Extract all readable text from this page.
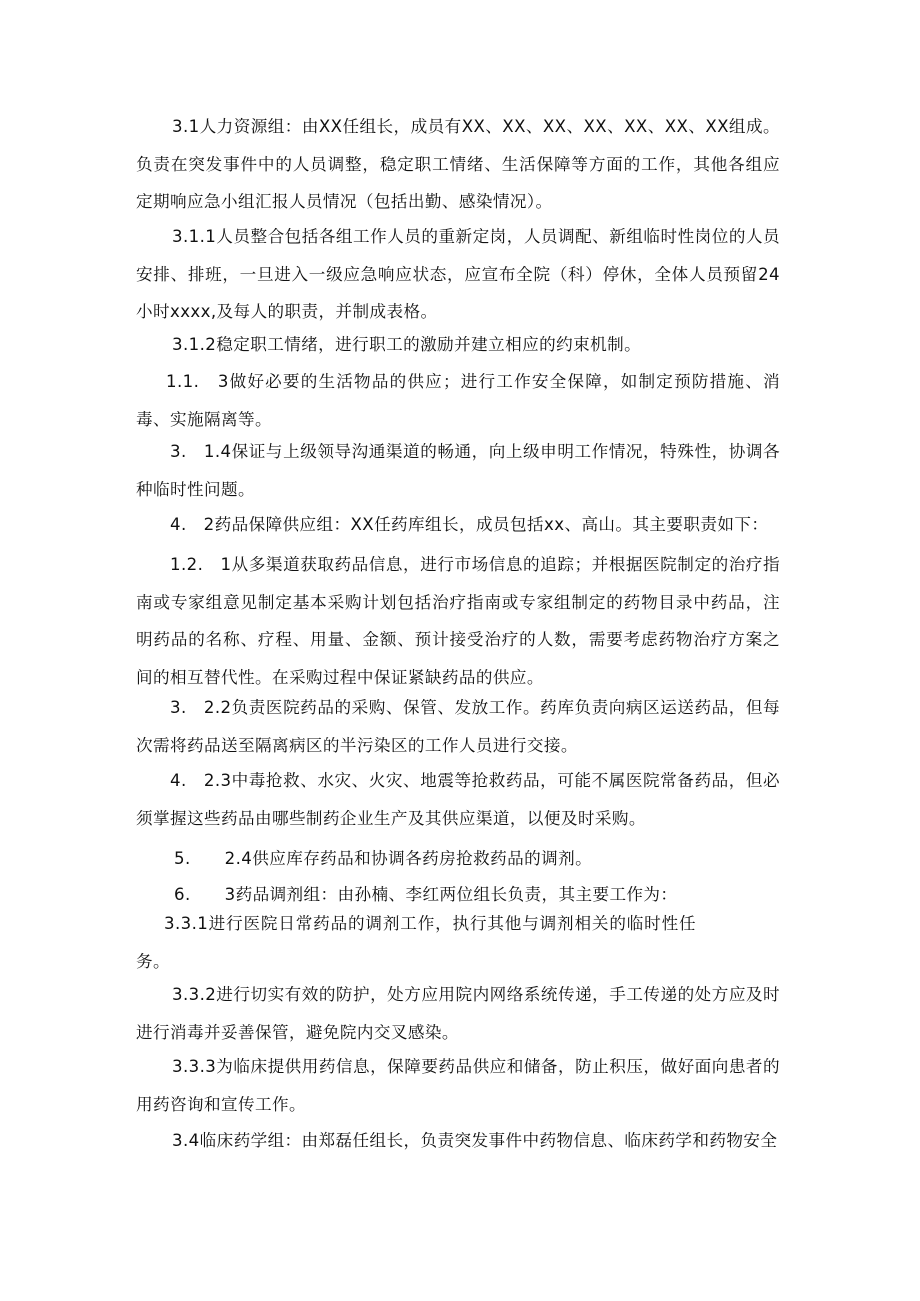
3.1人力资源组：由XX任组长，成员有XX、XX、XX、XX、XX、XX、XX组成。负责在突发事件中的人员调整，稳定职工情绪、生活保障等方面的工作，其他各组应定期响应急小组汇报人员情况（包括出勤、感染情况）。

3.1.1人员整合包括各组工作人员的重新定岗，人员调配、新组临时性岗位的人员安排、排班，一旦进入一级应急响应状态，应宣布全院（科）停休，全体人员预留24小时xxxx,及每人的职责，并制成表格。

3.1.2稳定职工情绪，进行职工的激励并建立相应的约束机制。

1.1.　3做好必要的生活物品的供应；进行工作安全保障，如制定预防措施、消毒、实施隔离等。

3.　1.4保证与上级领导沟通渠道的畅通，向上级申明工作情况，特殊性，协调各种临时性问题。

4.　2药品保障供应组：XX任药库组长，成员包括xx、高山。其主要职责如下：

1.2.　1从多渠道获取药品信息，进行市场信息的追踪；并根据医院制定的治疗指南或专家组意见制定基本采购计划包括治疗指南或专家组制定的药物目录中药品，注明药品的名称、疗程、用量、金额、预计接受治疗的人数，需要考虑药物治疗方案之间的相互替代性。在采购过程中保证紧缺药品的供应。

3.　2.2负责医院药品的采购、保管、发放工作。药库负责向病区运送药品，但每次需将药品送至隔离病区的半污染区的工作人员进行交接。

4.　2.3中毒抢救、水灾、火灾、地震等抢救药品，可能不属医院常备药品，但必须掌握这些药品由哪些制药企业生产及其供应渠道，以便及时采购。

5.　　2.4供应库存药品和协调各药房抢救药品的调剂。

6.　　3药品调剂组：由孙楠、李红两位组长负责，其主要工作为：

3.3.1进行医院日常药品的调剂工作，执行其他与调剂相关的临时性任务。

3.3.2进行切实有效的防护，处方应用院内网络系统传递，手工传递的处方应及时进行消毒并妥善保管，避免院内交叉感染。

3.3.3为临床提供用药信息，保障要药品供应和储备，防止积压，做好面向患者的用药咨询和宣传工作。

3.4临床药学组：由郑磊任组长，负责突发事件中药物信息、临床药学和药物安全
